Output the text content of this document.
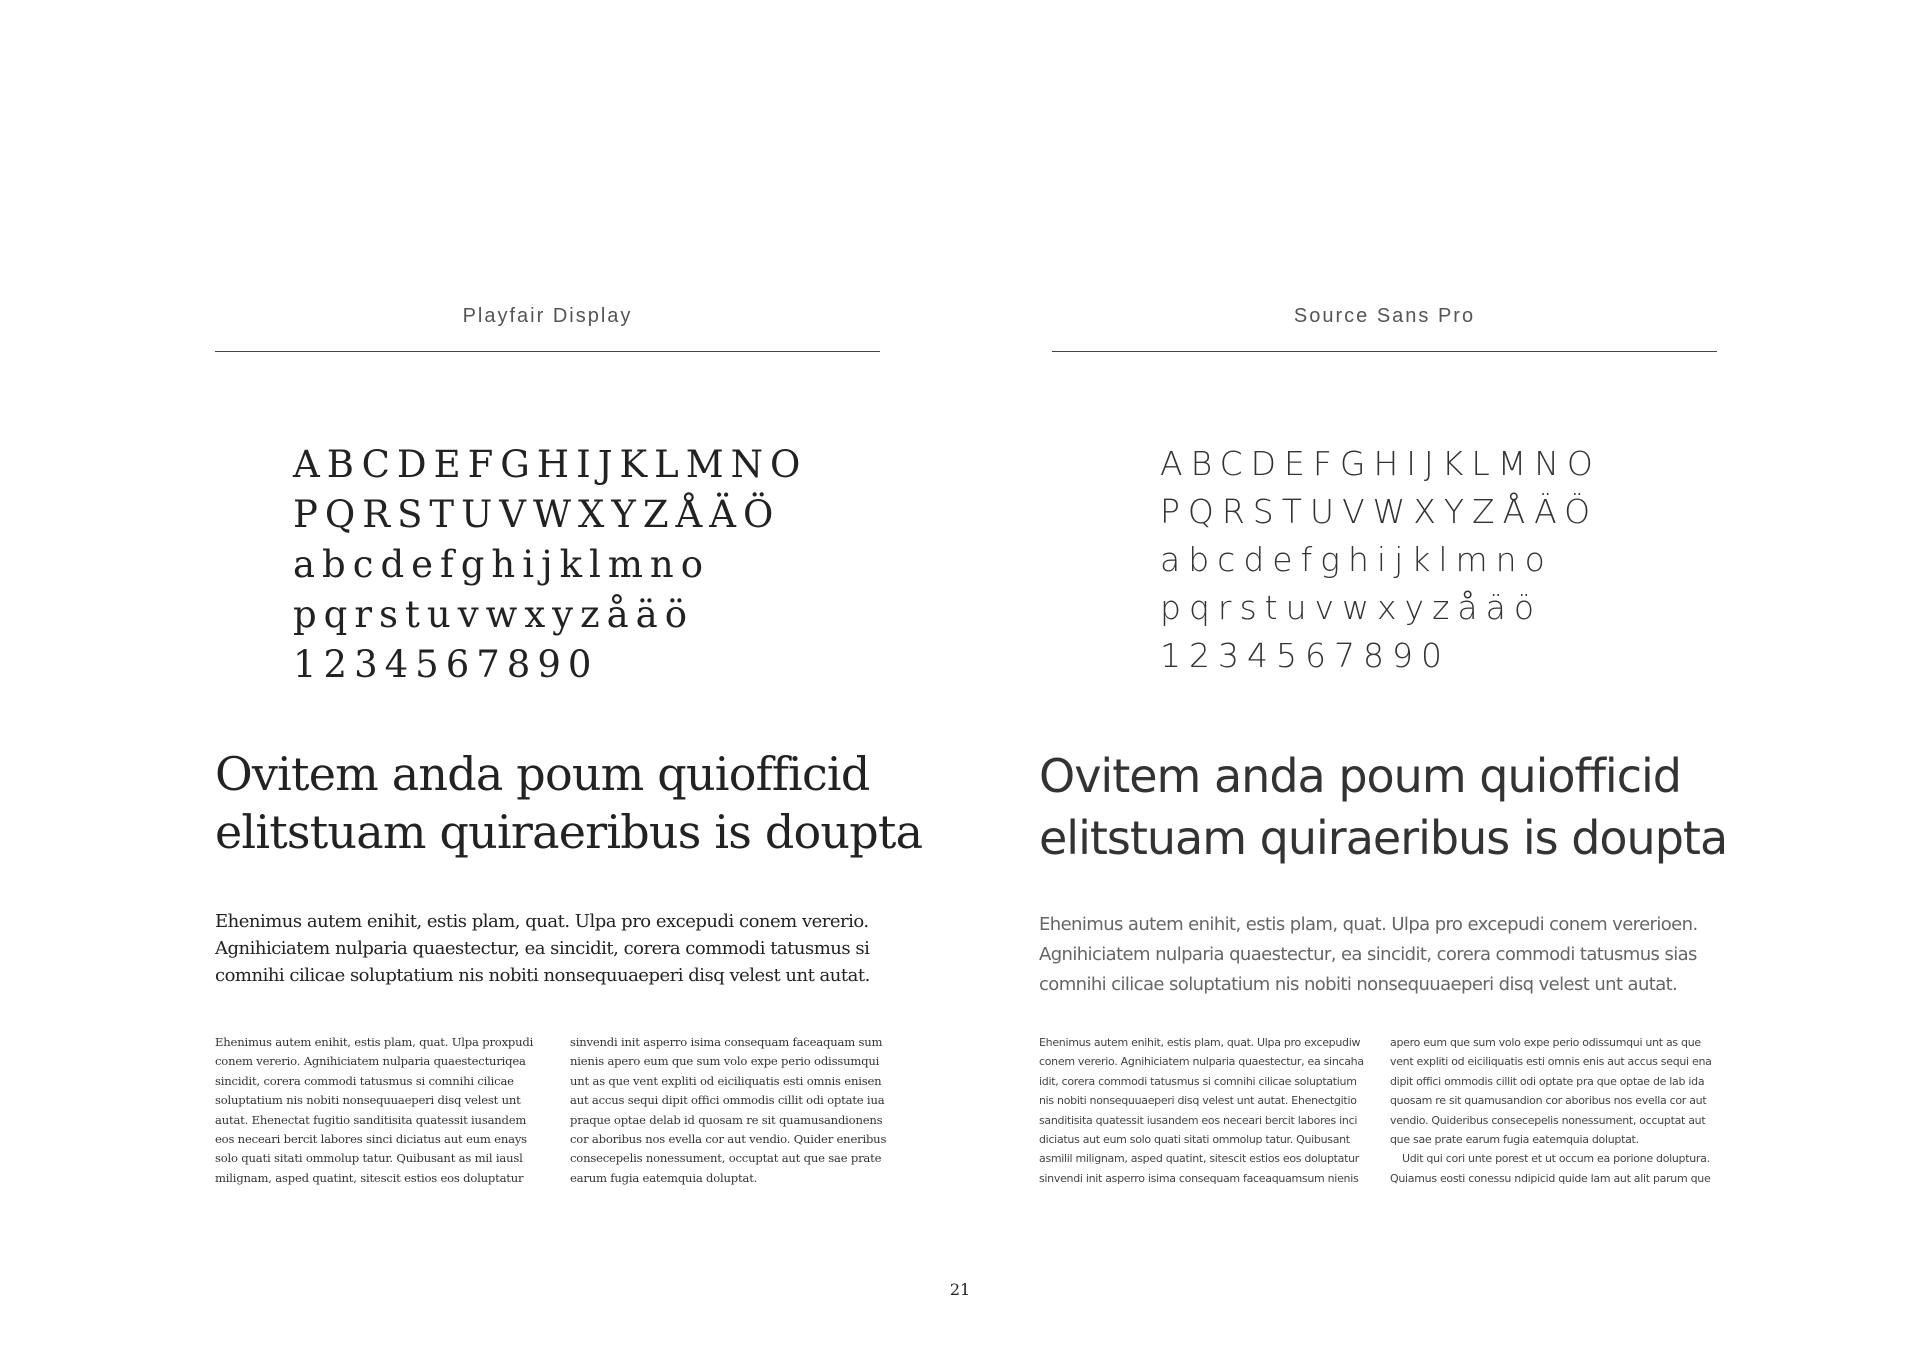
Playfair Display
ABCDEFGHIJKLMNO
PQRSTUVWXYZÅÄÖ
abcdefghijklmno
pqrstuvwxyzåäö
1234567890
Ovitem anda poum quiofficid
elitstuam quiraeribus is doupta

Ehenimus autem enihit, estis plam, quat. Ulpa pro excepudi conem vererio. Agnihiciatem nulparia quaestectur, ea sincidit, corera commodi tatusmus si comnihi cilicae soluptatium nis nobiti nonsequuaeperi disq velest unt autat.

Ehenimus autem enihit, estis plam, quat. Ulpa proxpudi conem vererio. Agnihiciatem nulparia quaestecturiqea sincidit, corera commodi tatusmus si comnihi cilicae soluptatium nis nobiti nonsequuaeperi disq velest unt autat. Ehenectat fugitio sanditisita quatessit iusandem eos neceari bercit labores sinci diciatus aut eum enays solo quati sitati ommolup tatur. Quibusant as mil iausl milignam, asped quatint, sitescit estios eos doluptatur

sinvendi init asperro isima consequam faceaquam sum nienis apero eum que sum volo expe perio odissumqui unt as que vent expliti od eiciliquatis esti omnis enisen aut accus sequi dipit offici ommodis cillit odi optate iua praque optae delab id quosam re sit quamusandionens cor aboribus nos evella cor aut vendio. Quider eneribus consecepelis nonessument, occuptat aut que sae prate earum fugia eatemquia doluptat.

Source Sans Pro
ABCDEFGHIJKLMNO
PQRSTUVWXYZÅÄÖ
abcdefghijklmno
pqrstuvwxyzåäö
1234567890
Ovitem anda poum quiofficid
elitstuam quiraeribus is doupta

Ehenimus autem enihit, estis plam, quat. Ulpa pro excepudi conem vererioen. Agnihiciatem nulparia quaestectur, ea sincidit, corera commodi tatusmus sias comnihi cilicae soluptatium nis nobiti nonsequuaeperi disq velest unt autat.

Ehenimus autem enihit, estis plam, quat. Ulpa pro excepudiw conem vererio. Agnihiciatem nulparia quaestectur, ea sincaha idit, corera commodi tatusmus si comnihi cilicae soluptatium nis nobiti nonsequuaeperi disq velest unt autat. Ehenectgitio sanditisita quatessit iusandem eos neceari bercit labores inci diciatus aut eum solo quati sitati ommolup tatur. Quibusant asmilil milignam, asped quatint, sitescit estios eos doluptatur sinvendi init asperro isima consequam faceaquamsum nienis

apero eum que sum volo expe perio odissumqui unt as que vent expliti od eiciliquatis esti omnis enis aut accus sequi ena dipit offici ommodis cillit odi optate pra que optae de lab ida quosam re sit quamusandion cor aboribus nos evella cor aut vendio. Quideribus consecepelis nonessument, occuptat aut que sae prate earum fugia eatemquia doluptat.

Udit qui cori unte porest et ut occum ea porione doluptura. Quiamus eosti conessu ndipicid quide lam aut alit parum que

21
